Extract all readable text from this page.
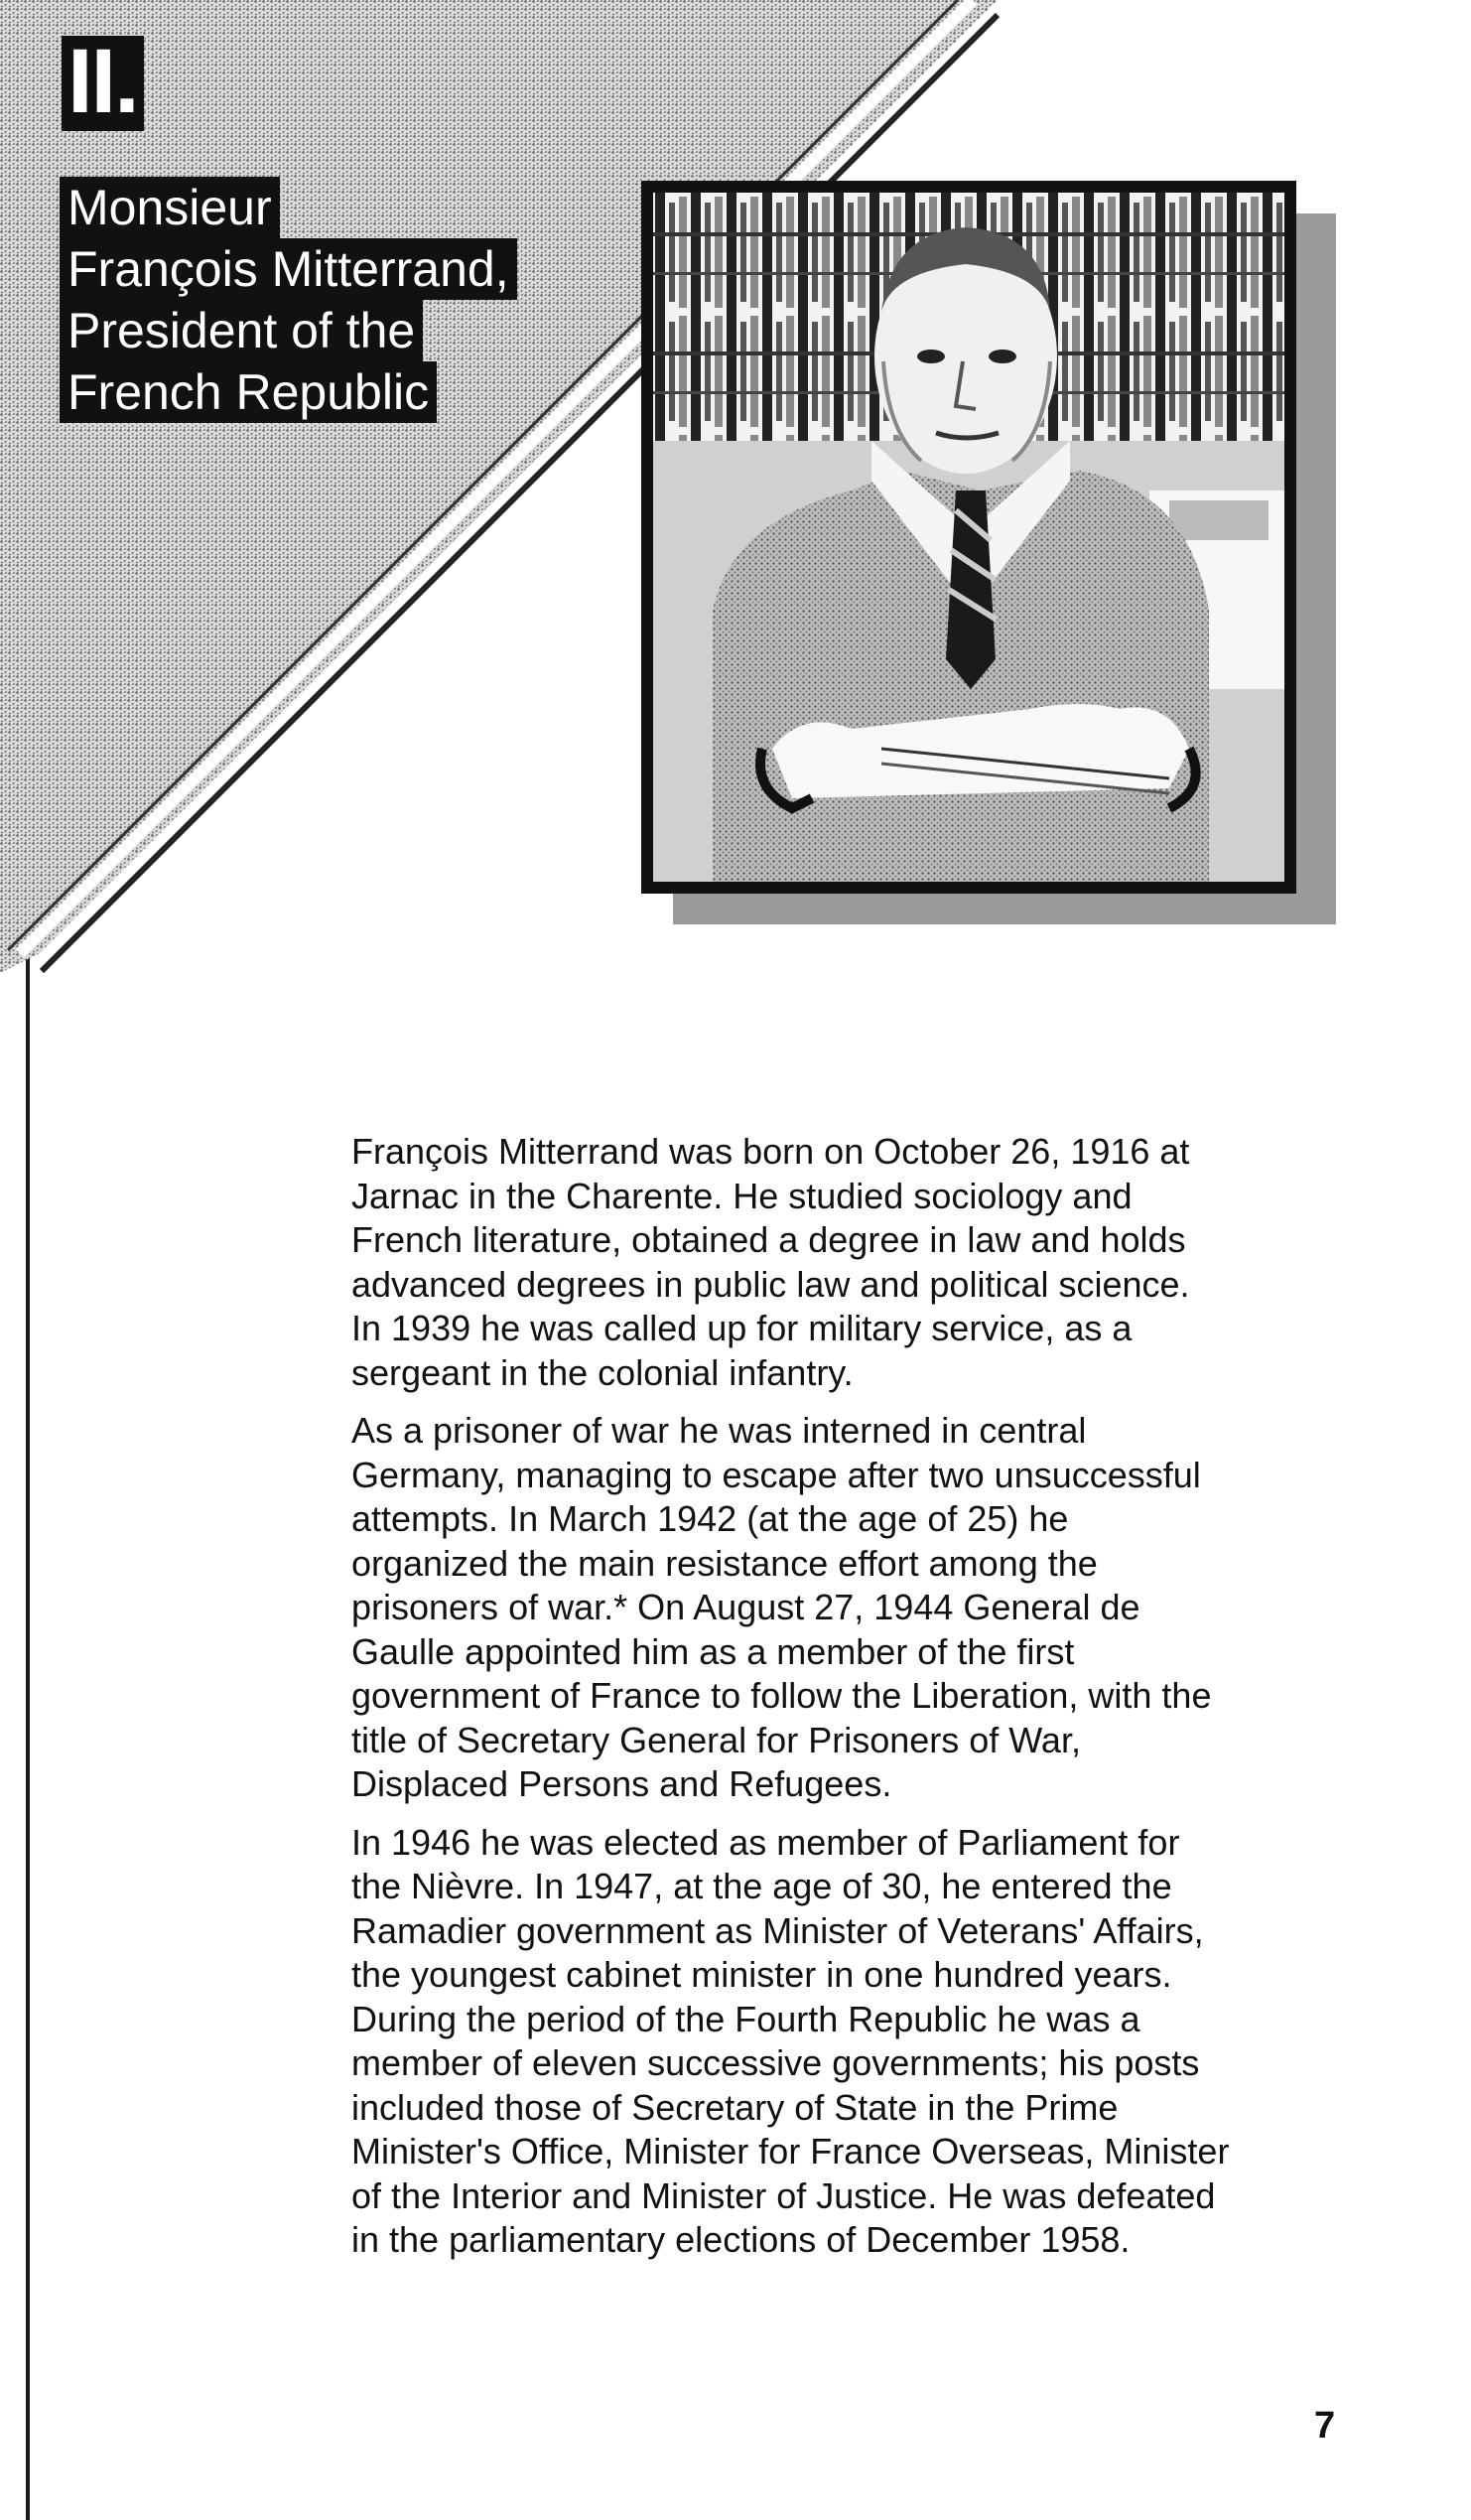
II.
Monsieur
François Mitterrand,
President of the
French Republic

François Mitterrand was born on October 26, 1916 at
Jarnac in the Charente. He studied sociology and
French literature, obtained a degree in law and holds
advanced degrees in public law and political science.
In 1939 he was called up for military service, as a
sergeant in the colonial infantry.

As a prisoner of war he was interned in central
Germany, managing to escape after two unsuccessful
attempts. In March 1942 (at the age of 25) he
organized the main resistance effort among the
prisoners of war.* On August 27, 1944 General de
Gaulle appointed him as a member of the first
government of France to follow the Liberation, with the
title of Secretary General for Prisoners of War,
Displaced Persons and Refugees.

In 1946 he was elected as member of Parliament for
the Nièvre. In 1947, at the age of 30, he entered the
Ramadier government as Minister of Veterans' Affairs,
the youngest cabinet minister in one hundred years.
During the period of the Fourth Republic he was a
member of eleven successive governments; his posts
included those of Secretary of State in the Prime
Minister's Office, Minister for France Overseas, Minister
of the Interior and Minister of Justice. He was defeated
in the parliamentary elections of December 1958.

7
